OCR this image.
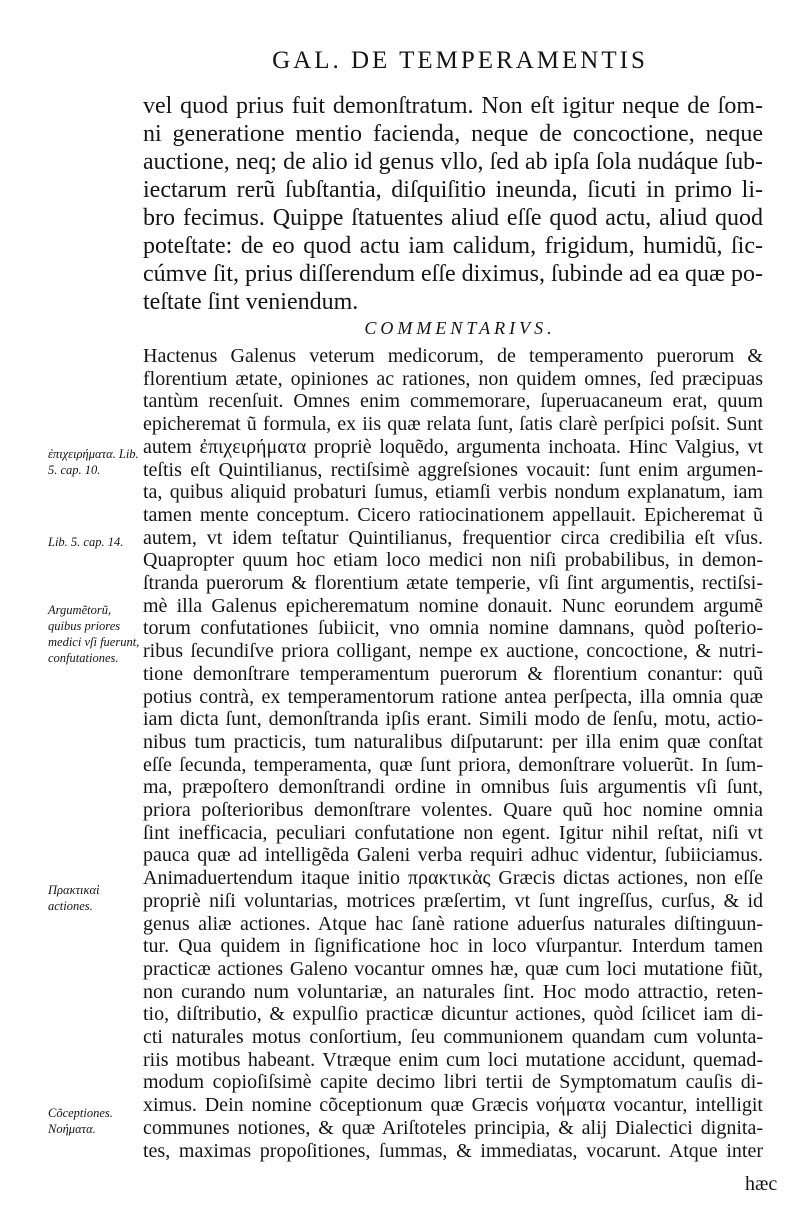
GAL. DE TEMPERAMENTIS
vel quod prius fuit demonſtratum. Non eſt igitur neque de ſom-
ni generatione mentio facienda, neque de concoctione, neque
auctione, neq; de alio id genus vllo, ſed ab ipſa ſola nudáque ſub-
iectarum rerũ ſubſtantia, diſquiſitio ineunda, ſicuti in primo li-
bro fecimus. Quippe ſtatuentes aliud eſſe quod actu, aliud quod
poteſtate: de eo quod actu iam calidum, frigidum, humidũ, ſic-
cúmve ſit, prius diſſerendum eſſe diximus, ſubinde ad ea quæ po-
teſtate ſint veniendum.
COMMENTARIVS.
Hactenus Galenus veterum medicorum, de temperamento puerorum &
florentium ætate, opiniones ac rationes, non quidem omnes, ſed præcipuas
tantùm recenſuit. Omnes enim commemorare, ſuperuacaneum erat, quum
epicheremat ũ formula, ex iis quæ relata ſunt, ſatis clarè perſpici poſsit. Sunt
autem ἐπιχειρήματα propriè loquẽdo, argumenta inchoata. Hinc Valgius, vt
teſtis eſt Quintilianus, rectiſsimè aggreſsiones vocauit: ſunt enim argumen-
ta, quibus aliquid probaturi ſumus, etiamſi verbis nondum explanatum, iam
tamen mente conceptum. Cicero ratiocinationem appellauit. Epicheremat ũ
autem, vt idem teſtatur Quintilianus, frequentior circa credibilia eſt vſus.
Quapropter quum hoc etiam loco medici non niſi probabilibus, in demon-
ſtranda puerorum & florentium ætate temperie, vſi ſint argumentis, rectiſsi-
mè illa Galenus epicherematum nomine donauit. Nunc eorundem argumẽ
torum confutationes ſubiicit, vno omnia nomine damnans, quòd poſterio-
ribus ſecundiſve priora colligant, nempe ex auctione, concoctione, & nutri-
tione demonſtrare temperamentum puerorum & florentium conantur: quũ
potius contrà, ex temperamentorum ratione antea perſpecta, illa omnia quæ
iam dicta ſunt, demonſtranda ipſis erant. Simili modo de ſenſu, motu, actio-
nibus tum practicis, tum naturalibus diſputarunt: per illa enim quæ conſtat
eſſe ſecunda, temperamenta, quæ ſunt priora, demonſtrare voluerũt. In ſum-
ma, præpoſtero demonſtrandi ordine in omnibus ſuis argumentis vſi ſunt,
priora poſterioribus demonſtrare volentes. Quare quũ hoc nomine omnia
ſint inefficacia, peculiari confutatione non egent. Igitur nihil reſtat, niſi vt
pauca quæ ad intelligẽda Galeni verba requiri adhuc videntur, ſubiiciamus.
Animaduertendum itaque initio πρακτικὰς Græcis dictas actiones, non eſſe
propriè niſi voluntarias, motrices præſertim, vt ſunt ingreſſus, curſus, & id
genus aliæ actiones. Atque hac ſanè ratione aduerſus naturales diſtinguun-
tur. Qua quidem in ſignificatione hoc in loco vſurpantur. Interdum tamen
practicæ actiones Galeno vocantur omnes hæ, quæ cum loci mutatione fiũt,
non curando num voluntariæ, an naturales ſint. Hoc modo attractio, reten-
tio, diſtributio, & expulſio practicæ dicuntur actiones, quòd ſcilicet iam di-
cti naturales motus conſortium, ſeu communionem quandam cum volunta-
riis motibus habeant. Vtræque enim cum loci mutatione accidunt, quemad-
modum copioſiſsimè capite decimo libri tertii de Symptomatum cauſis di-
ximus. Dein nomine cõceptionum quæ Græcis νοήματα vocantur, intelligit
communes notiones, & quæ Ariſtoteles principia, & alij Dialectici dignita-
tes, maximas propoſitiones, ſummas, & immediatas, vocarunt. Atque inter
ἐπιχειρήματα. Lib. 5. cap. 10.
Lib. 5. cap. 14.
Argumẽtorũ, quibus priores medici vſi fuerunt, confutationes.
Πρακτικαὶ actiones.
Cõceptiones. Νοήματα.
hæc
